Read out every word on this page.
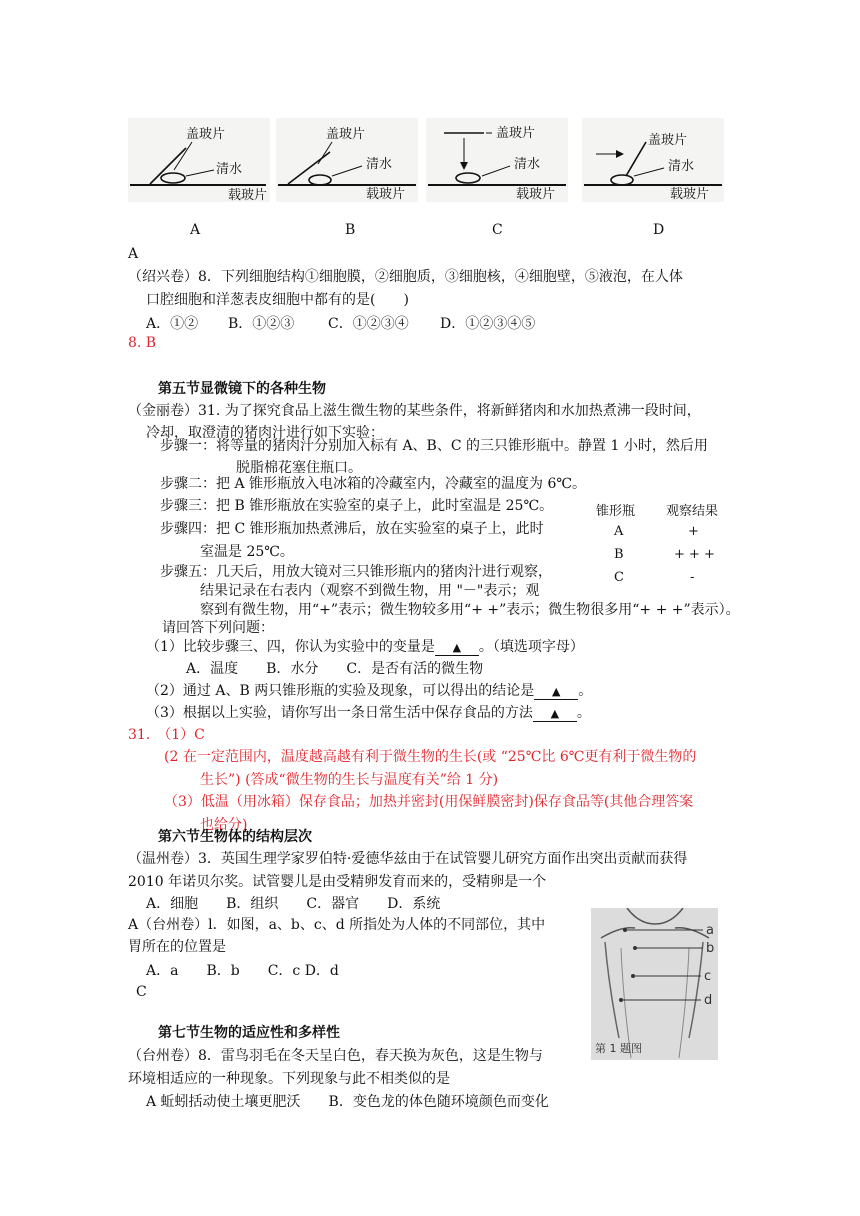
盖玻片
清水
载玻片
盖玻片
清水
载玻片
盖玻片
清水
载玻片
盖玻片
清水
载玻片
A	B	C	D
A
（绍兴卷）8．下列细胞结构①细胞膜，②细胞质，③细胞核，④细胞壁，⑤液泡，在人体
口腔细胞和洋葱表皮细胞中都有的是(　　)
A．①② B．①②③ C．①②③④ D．①②③④⑤
8. B
第五节显微镜下的各种生物
（金丽卷）31. 为了探究食品上滋生微生物的某些条件，将新鲜猪肉和水加热煮沸一段时间，
冷却，取澄清的猪肉汁进行如下实验：
步骤一：将等量的猪肉汁分别加入标有 A、B、C 的三只锥形瓶中。静置 1 小时，然后用
脱脂棉花塞住瓶口。
步骤二：把 A 锥形瓶放入电冰箱的冷藏室内，冷藏室的温度为 6℃。
步骤三：把 B 锥形瓶放在实验室的桌子上，此时室温是 25℃。
步骤四：把 C 锥形瓶加热煮沸后，放在实验室的桌子上，此时
室温是 25℃。
步骤五：几天后，用放大镜对三只锥形瓶内的猪肉汁进行观察，
结果记录在右表内（观察不到微生物，用 "－"表示；观
察到有微生物，用“+”表示；微生物较多用“+ +”表示；微生物很多用“+ + +”表示）。
请回答下列问题：
锥形瓶 观察结果
A	+
B	+ + +
C	-
（1）比较步骤三、四，你认为实验中的变量是 ▲ 。（填选项字母）
A．温度　　B．水分　　C．是否有活的微生物
（2）通过 A、B 两只锥形瓶的实验及现象，可以得出的结论是 ▲ 。
（3）根据以上实验，请你写出一条日常生活中保存食品的方法 ▲ 。
31.　（1）C
(2 在一定范围内，温度越高越有利于微生物的生长(或 “25℃比 6℃更有利于微生物的
生长”) (答成“微生物的生长与温度有关”给 1 分)
（3）低温（用冰箱）保存食品；加热并密封(用保鲜膜密封)保存食品等(其他合理答案
也给分)
第六节生物体的结构层次
（温州卷）3．英国生理学家罗伯特·爱德华兹由于在试管婴儿研究方面作出突出贡献而获得
2010 年诺贝尔奖。试管婴儿是由受精卵发育而来的，受精卵是一个
A．细胞　　B．组织　　C．器官　　D．系统
A（台州卷）l．如图，a、b、c、d 所指处为人体的不同部位，其中
胃所在的位置是
A．a　　B．b　　C．c D．d
C
a
b
c
d
第 1 题图
第七节生物的适应性和多样性
（台州卷）8．雷鸟羽毛在冬天呈白色，春天换为灰色，这是生物与
环境相适应的一种现象。下列现象与此不相类似的是
A 蚯蚓括动使土壤更肥沃　　B．变色龙的体色随环境颜色而变化
